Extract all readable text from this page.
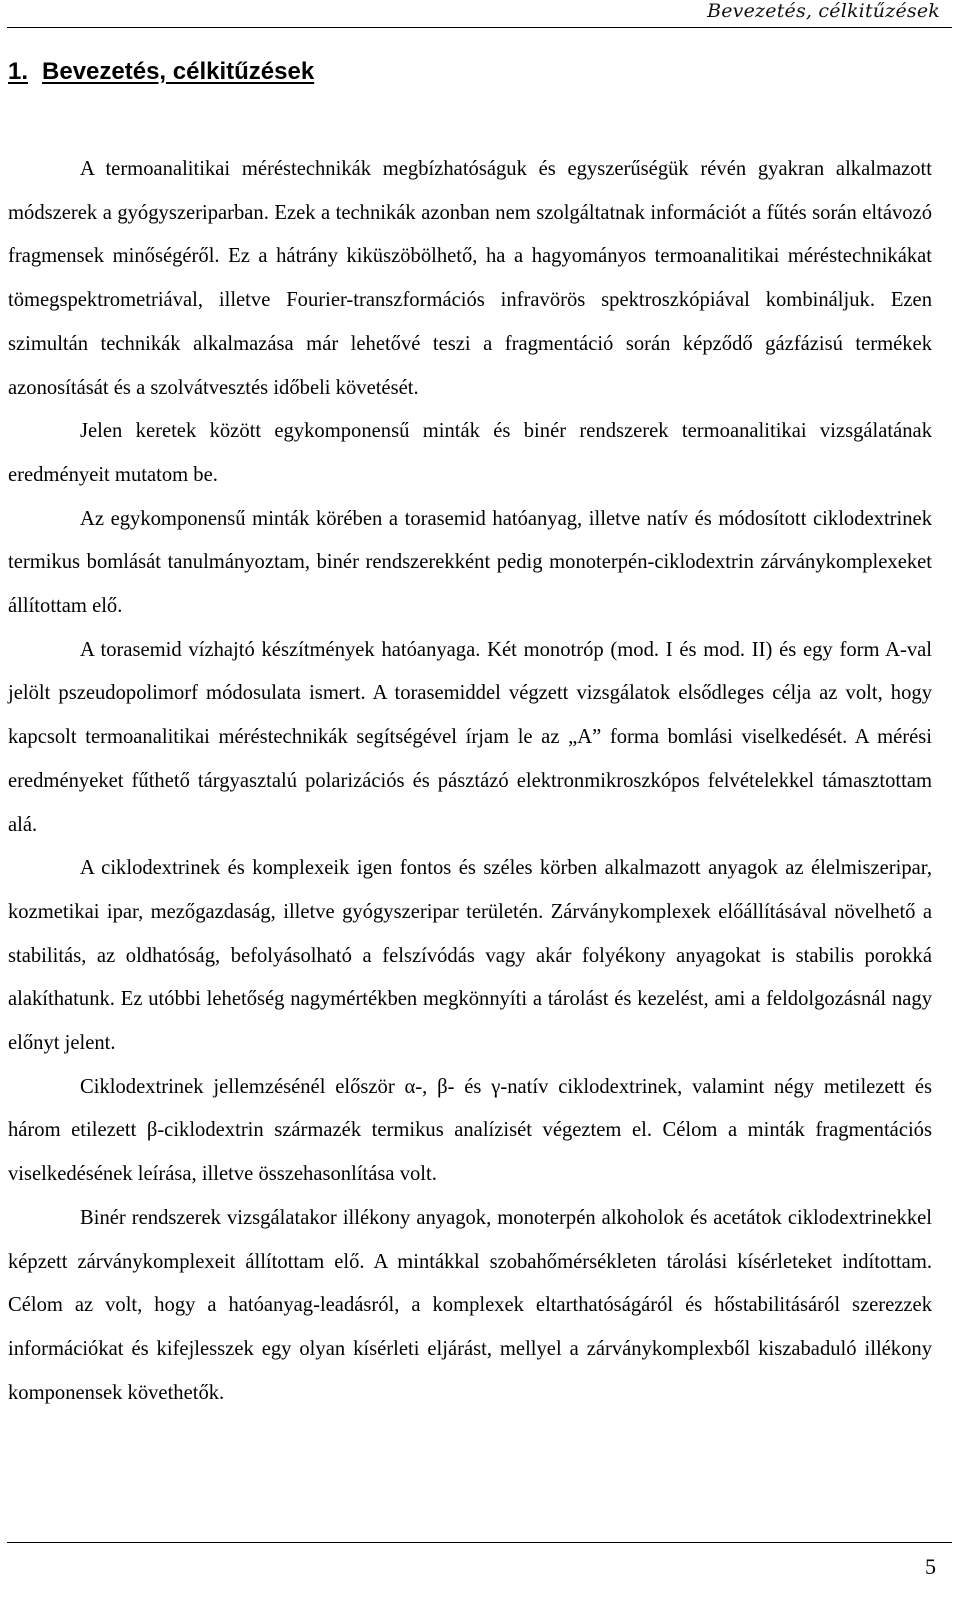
Bevezetés, célkitűzések
1. Bevezetés, célkitűzések

A termoanalitikai méréstechnikák megbízhatóságuk és egyszerűségük révén gyakran alkalmazott módszerek a gyógyszeriparban. Ezek a technikák azonban nem szolgáltatnak információt a fűtés során eltávozó fragmensek minőségéről. Ez a hátrány kiküszöbölhető, ha a hagyományos termoanalitikai méréstechnikákat tömegspektrometriával, illetve Fourier-transzformációs infravörös spektroszkópiával kombináljuk. Ezen szimultán technikák alkalmazása már lehetővé teszi a fragmentáció során képződő gázfázisú termékek azonosítását és a szolvátvesztés időbeli követését.

Jelen keretek között egykomponensű minták és binér rendszerek termoanalitikai vizsgálatának eredményeit mutatom be.

Az egykomponensű minták körében a torasemid hatóanyag, illetve natív és módosított ciklodextrinek termikus bomlását tanulmányoztam, binér rendszerekként pedig monoterpén-ciklodextrin zárványkomplexeket állítottam elő.

A torasemid vízhajtó készítmények hatóanyaga. Két monotróp (mod. I és mod. II) és egy form A-val jelölt pszeudopolimorf módosulata ismert. A torasemiddel végzett vizsgálatok elsődleges célja az volt, hogy kapcsolt termoanalitikai méréstechnikák segítségével írjam le az „A” forma bomlási viselkedését. A mérési eredményeket fűthető tárgyasztalú polarizációs és pásztázó elektronmikroszkópos felvételekkel támasztottam alá.

A ciklodextrinek és komplexeik igen fontos és széles körben alkalmazott anyagok az élelmiszeripar, kozmetikai ipar, mezőgazdaság, illetve gyógyszeripar területén. Zárványkomplexek előállításával növelhető a stabilitás, az oldhatóság, befolyásolható a felszívódás vagy akár folyékony anyagokat is stabilis porokká alakíthatunk. Ez utóbbi lehetőség nagymértékben megkönnyíti a tárolást és kezelést, ami a feldolgozásnál nagy előnyt jelent.

Ciklodextrinek jellemzésénél először α-, β- és γ-natív ciklodextrinek, valamint négy metilezett és három etilezett β-ciklodextrin származék termikus analízisét végeztem el. Célom a minták fragmentációs viselkedésének leírása, illetve összehasonlítása volt.

Binér rendszerek vizsgálatakor illékony anyagok, monoterpén alkoholok és acetátok ciklodextrinekkel képzett zárványkomplexeit állítottam elő. A mintákkal szobahőmérsékleten tárolási kísérleteket indítottam. Célom az volt, hogy a hatóanyag-leadásról, a komplexek eltarthatóságáról és hőstabilitásáról szerezzek információkat és kifejlesszek egy olyan kísérleti eljárást, mellyel a zárványkomplexből kiszabaduló illékony komponensek követhetők.

5
